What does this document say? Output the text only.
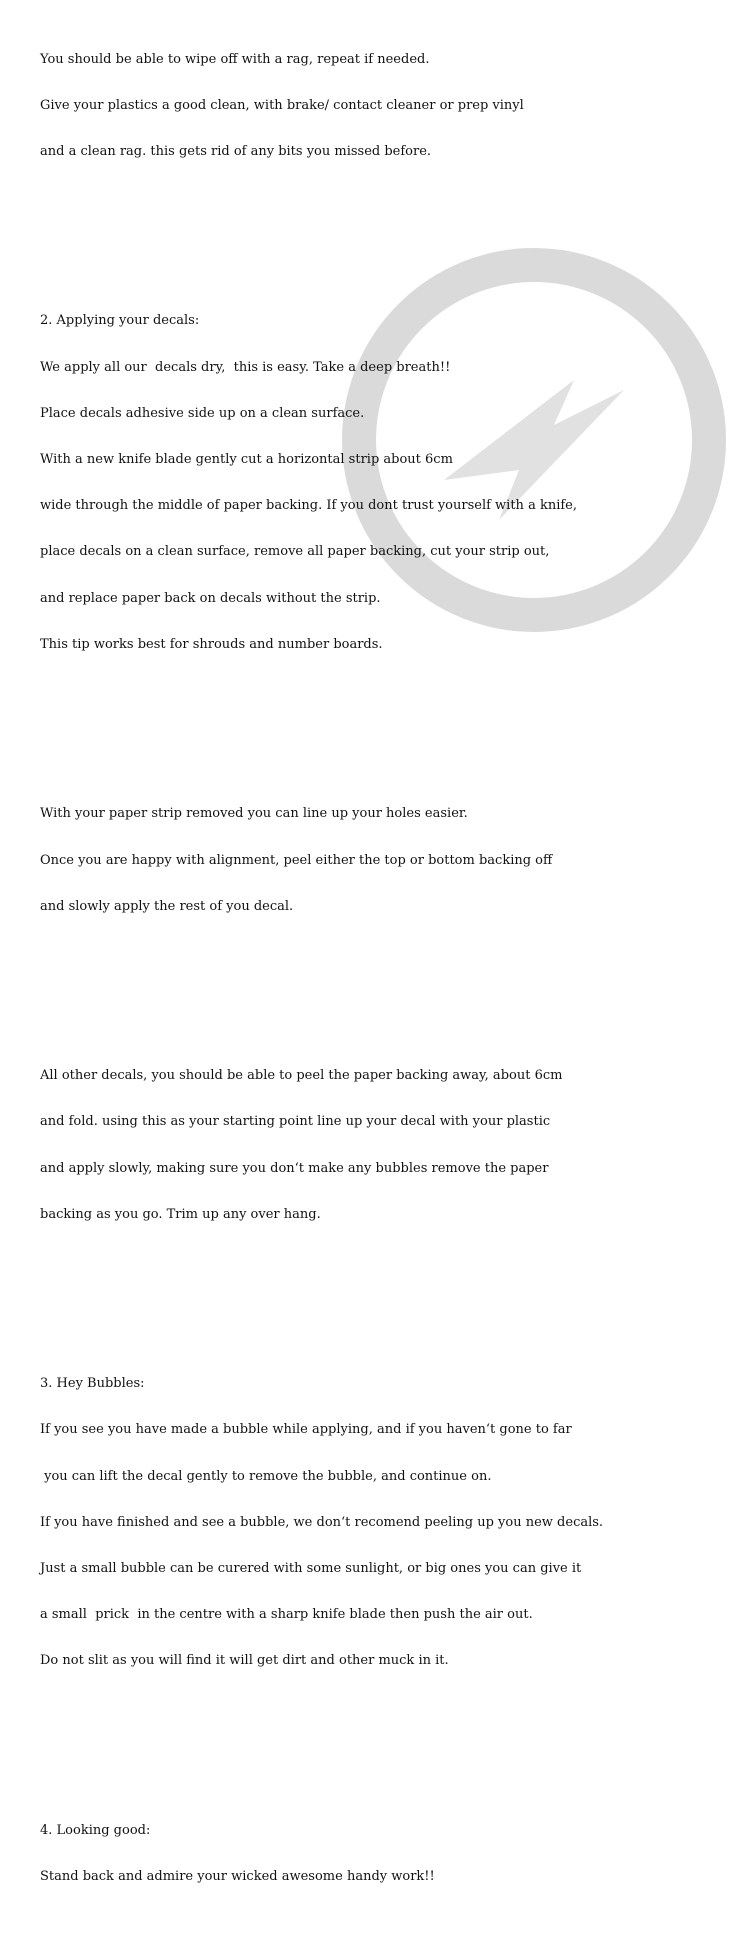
You should be able to wipe off with a rag, repeat if needed.

Give your plastics a good clean, with brake/ contact cleaner or prep vinyl

and a clean rag. this gets rid of any bits you missed before.

2. Applying your decals:

We apply all our  decals dry,  this is easy. Take a deep breath!!

Place decals adhesive side up on a clean surface.

With a new knife blade gently cut a horizontal strip about 6cm

wide through the middle of paper backing. If you dont trust yourself with a knife,

place decals on a clean surface, remove all paper backing, cut your strip out,

and replace paper back on decals without the strip.

This tip works best for shrouds and number boards.

With your paper strip removed you can line up your holes easier.

Once you are happy with alignment, peel either the top or bottom backing off

and slowly apply the rest of you decal.

All other decals, you should be able to peel the paper backing away, about 6cm

and fold. using this as your starting point line up your decal with your plastic

and apply slowly, making sure you don‘t make any bubbles remove the paper

backing as you go. Trim up any over hang.

3. Hey Bubbles:

If you see you have made a bubble while applying, and if you haven‘t gone to far

you can lift the decal gently to remove the bubble, and continue on.

If you have finished and see a bubble, we don‘t recomend peeling up you new decals.

Just a small bubble can be curered with some sunlight, or big ones you can give it

a small  prick  in the centre with a sharp knife blade then push the air out.

Do not slit as you will find it will get dirt and other muck in it.

4. Looking good:

Stand back and admire your wicked awesome handy work!!
